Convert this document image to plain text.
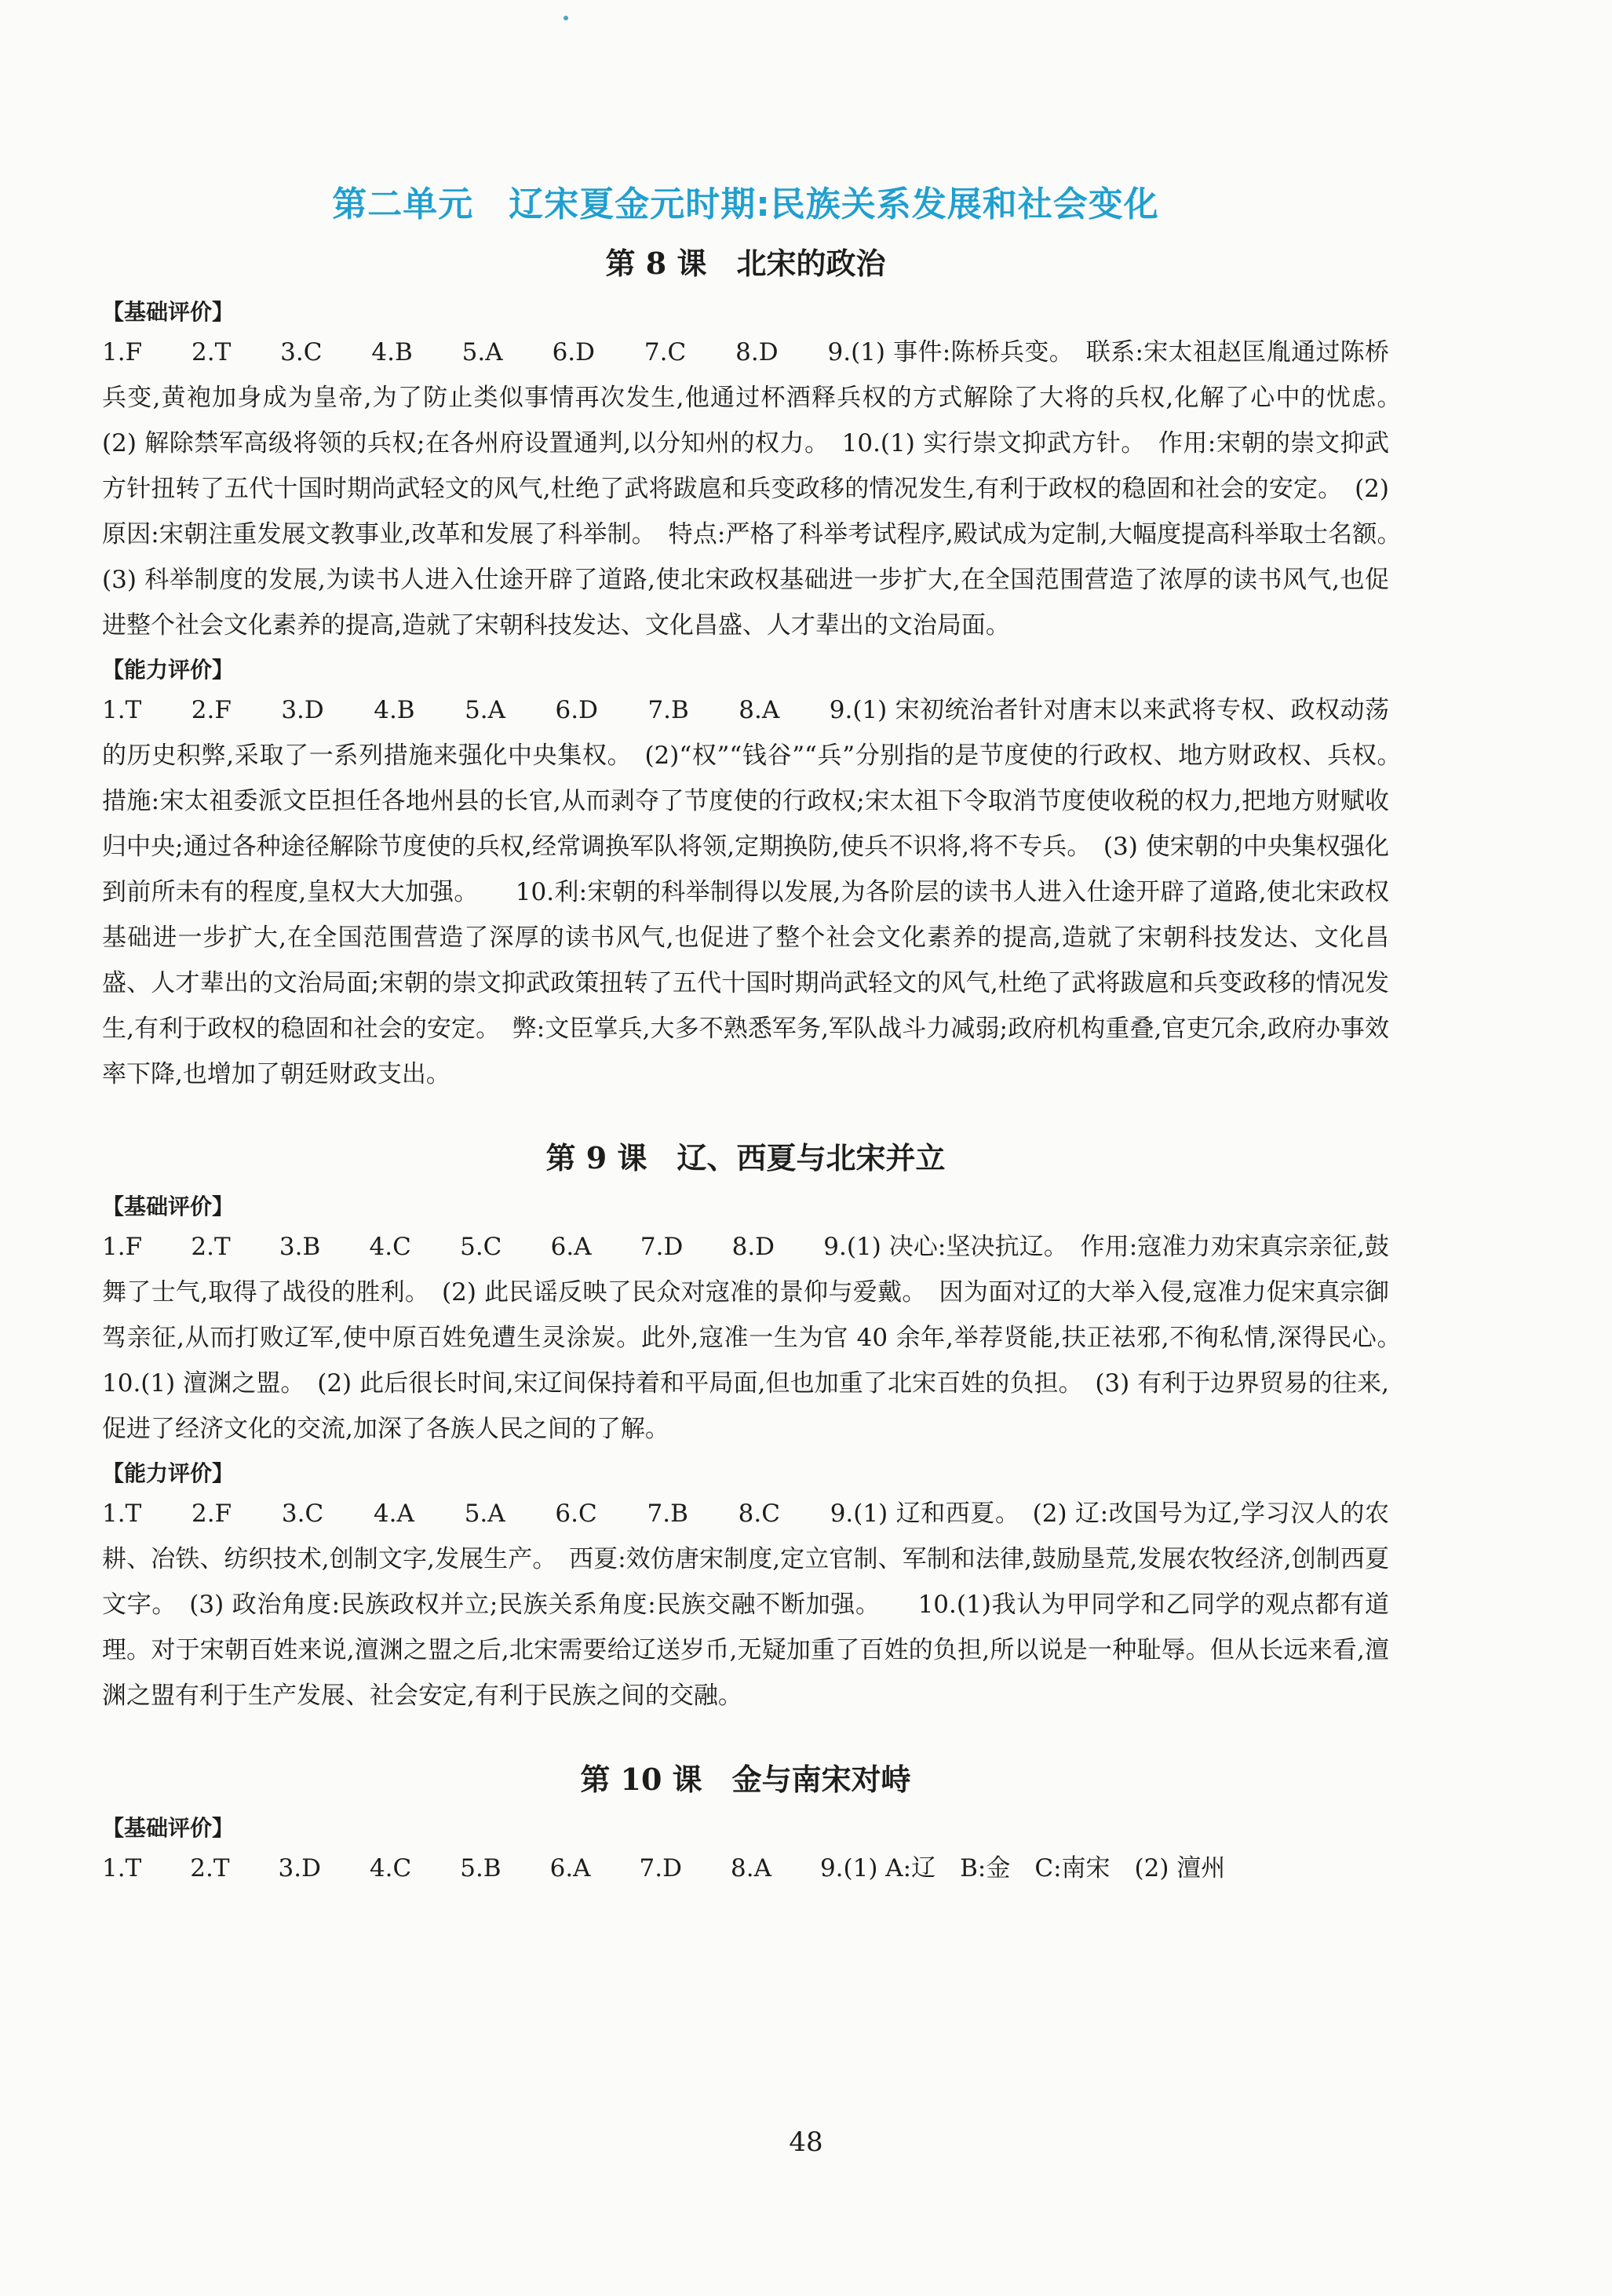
第二单元　辽宋夏金元时期:民族关系发展和社会变化
第 8 课　北宋的政治
【基础评价】

1.F　　2.T　　3.C　　4.B　　5.A　　6.D　　7.C　　8.D　　9.(1) 事件:陈桥兵变。　联系:宋太祖赵匡胤通过陈桥兵变,黄袍加身成为皇帝,为了防止类似事情再次发生,他通过杯酒释兵权的方式解除了大将的兵权,化解了心中的忧虑。　(2) 解除禁军高级将领的兵权;在各州府设置通判,以分知州的权力。　10.(1) 实行崇文抑武方针。　作用:宋朝的崇文抑武方针扭转了五代十国时期尚武轻文的风气,杜绝了武将跋扈和兵变政移的情况发生,有利于政权的稳固和社会的安定。　(2) 原因:宋朝注重发展文教事业,改革和发展了科举制。　特点:严格了科举考试程序,殿试成为定制,大幅度提高科举取士名额。　(3) 科举制度的发展,为读书人进入仕途开辟了道路,使北宋政权基础进一步扩大,在全国范围营造了浓厚的读书风气,也促进整个社会文化素养的提高,造就了宋朝科技发达、文化昌盛、人才辈出的文治局面。

【能力评价】

1.T　　2.F　　3.D　　4.B　　5.A　　6.D　　7.B　　8.A　　9.(1) 宋初统治者针对唐末以来武将专权、政权动荡的历史积弊,采取了一系列措施来强化中央集权。　(2)“权”“钱谷”“兵”分别指的是节度使的行政权、地方财政权、兵权。　措施:宋太祖委派文臣担任各地州县的长官,从而剥夺了节度使的行政权;宋太祖下令取消节度使收税的权力,把地方财赋收归中央;通过各种途径解除节度使的兵权,经常调换军队将领,定期换防,使兵不识将,将不专兵。　(3) 使宋朝的中央集权强化到前所未有的程度,皇权大大加强。　　10.利:宋朝的科举制得以发展,为各阶层的读书人进入仕途开辟了道路,使北宋政权基础进一步扩大,在全国范围营造了深厚的读书风气,也促进了整个社会文化素养的提高,造就了宋朝科技发达、文化昌盛、人才辈出的文治局面;宋朝的崇文抑武政策扭转了五代十国时期尚武轻文的风气,杜绝了武将跋扈和兵变政移的情况发生,有利于政权的稳固和社会的安定。　弊:文臣掌兵,大多不熟悉军务,军队战斗力减弱;政府机构重叠,官吏冗余,政府办事效率下降,也增加了朝廷财政支出。

第 9 课　辽、西夏与北宋并立
【基础评价】

1.F　　2.T　　3.B　　4.C　　5.C　　6.A　　7.D　　8.D　　9.(1) 决心:坚决抗辽。　作用:寇准力劝宋真宗亲征,鼓舞了士气,取得了战役的胜利。　(2) 此民谣反映了民众对寇准的景仰与爱戴。　因为面对辽的大举入侵,寇准力促宋真宗御驾亲征,从而打败辽军,使中原百姓免遭生灵涂炭。此外,寇准一生为官 40 余年,举荐贤能,扶正祛邪,不徇私情,深得民心。　　10.(1) 澶渊之盟。　(2) 此后很长时间,宋辽间保持着和平局面,但也加重了北宋百姓的负担。　(3) 有利于边界贸易的往来,促进了经济文化的交流,加深了各族人民之间的了解。

【能力评价】

1.T　　2.F　　3.C　　4.A　　5.A　　6.C　　7.B　　8.C　　9.(1) 辽和西夏。　(2) 辽:改国号为辽,学习汉人的农耕、冶铁、纺织技术,创制文字,发展生产。　西夏:效仿唐宋制度,定立官制、军制和法律,鼓励垦荒,发展农牧经济,创制西夏文字。　(3) 政治角度:民族政权并立;民族关系角度:民族交融不断加强。　　10.(1)我认为甲同学和乙同学的观点都有道理。对于宋朝百姓来说,澶渊之盟之后,北宋需要给辽送岁币,无疑加重了百姓的负担,所以说是一种耻辱。但从长远来看,澶渊之盟有利于生产发展、社会安定,有利于民族之间的交融。

第 10 课　金与南宋对峙
【基础评价】

1.T　　2.T　　3.D　　4.C　　5.B　　6.A　　7.D　　8.A　　9.(1) A:辽　B:金　C:南宋　(2) 澶州

48
